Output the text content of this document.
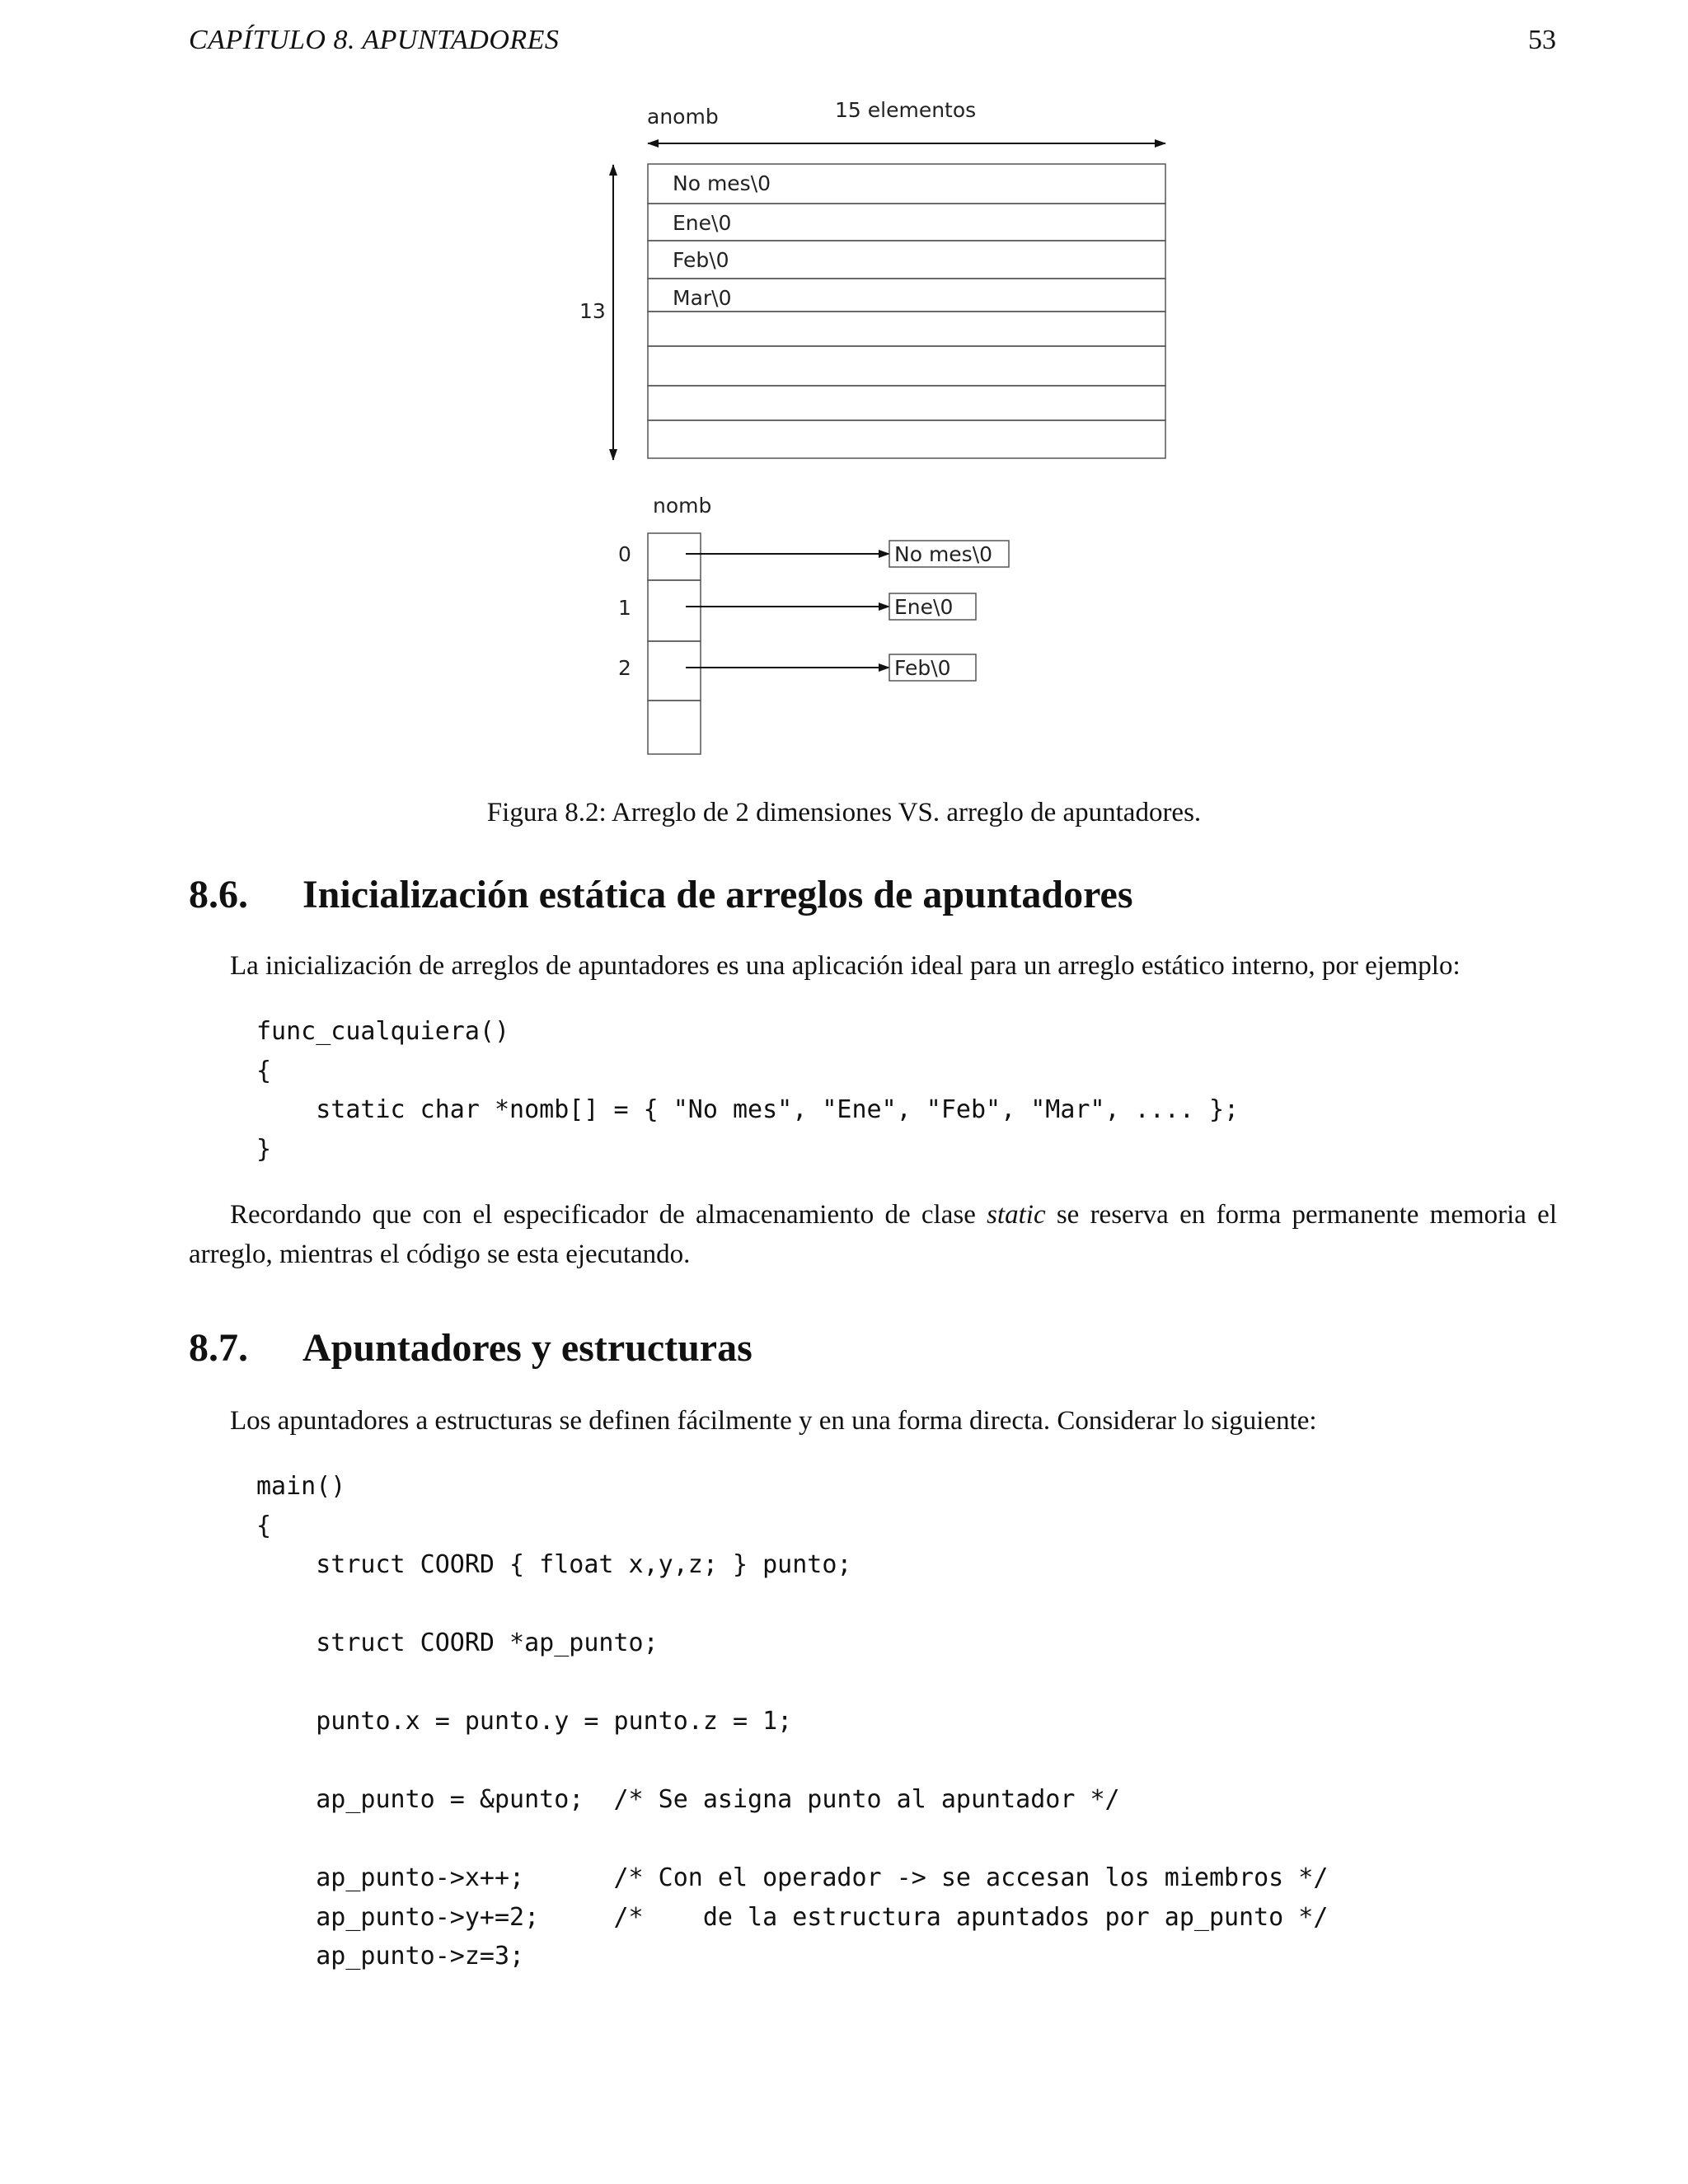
CAPÍTULO 8. APUNTADORES	53
anomb	15 elementos
13
No mes\0
Ene\0
Feb\0
Mar\0
nomb
0	No mes\0
1	Ene\0
2	Feb\0
Figura 8.2: Arreglo de 2 dimensiones VS. arreglo de apuntadores.
8.6. Inicialización estática de arreglos de apuntadores
La inicialización de arreglos de apuntadores es una aplicación ideal para un arreglo estático interno, por ejemplo:
func_cualquiera()
{
static char *nomb[] = { "No mes", "Ene", "Feb", "Mar", .... };
}
Recordando que con el especificador de almacenamiento de clase static se reserva en forma permanente memoria el arreglo, mientras el código se esta ejecutando.
8.7. Apuntadores y estructuras
Los apuntadores a estructuras se definen fácilmente y en una forma directa. Considerar lo siguiente:
main()
{
struct COORD { float x,y,z; } punto;

struct COORD *ap_punto;

punto.x = punto.y = punto.z = 1;

ap_punto = &punto;  /* Se asigna punto al apuntador */

ap_punto->x++;      /* Con el operador -> se accesan los miembros */
ap_punto->y+=2;     /*    de la estructura apuntados por ap_punto */
ap_punto->z=3;
